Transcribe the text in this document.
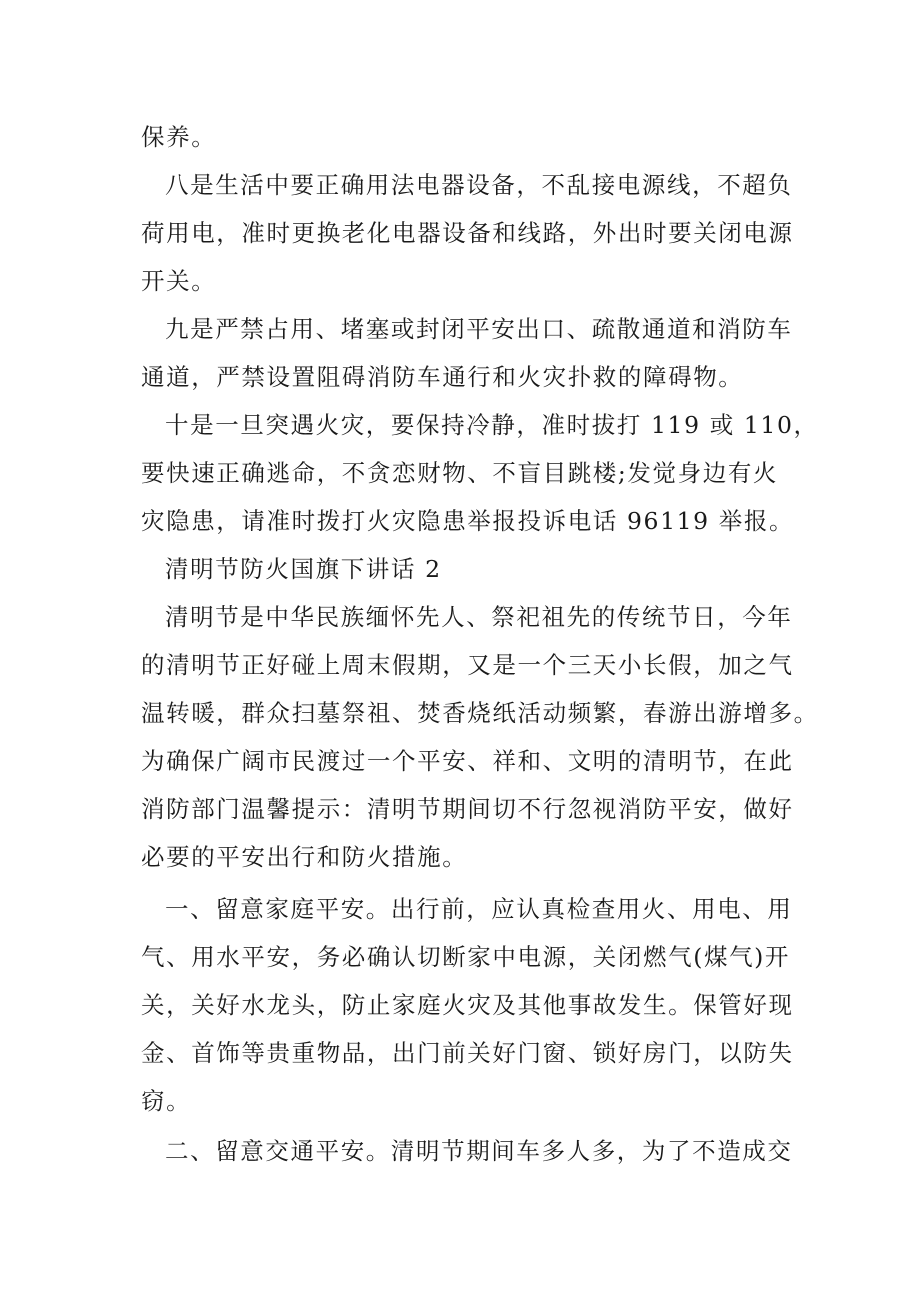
保养。
八是生活中要正确用法电器设备，不乱接电源线，不超负
荷用电，准时更换老化电器设备和线路，外出时要关闭电源
开关。
九是严禁占用、堵塞或封闭平安出口、疏散通道和消防车
通道，严禁设置阻碍消防车通行和火灾扑救的障碍物。
十是一旦突遇火灾，要保持冷静，准时拔打 119 或 110，
要快速正确逃命，不贪恋财物、不盲目跳楼;发觉身边有火
灾隐患，请准时拨打火灾隐患举报投诉电话 96119 举报。
清明节防火国旗下讲话 2
清明节是中华民族缅怀先人、祭祀祖先的传统节日，今年
的清明节正好碰上周末假期，又是一个三天小长假，加之气
温转暖，群众扫墓祭祖、焚香烧纸活动频繁，春游出游增多。
为确保广阔市民渡过一个平安、祥和、文明的清明节，在此
消防部门温馨提示：清明节期间切不行忽视消防平安，做好
必要的平安出行和防火措施。
一、留意家庭平安。出行前，应认真检查用火、用电、用
气、用水平安，务必确认切断家中电源，关闭燃气(煤气)开
关，关好水龙头，防止家庭火灾及其他事故发生。保管好现
金、首饰等贵重物品，出门前关好门窗、锁好房门，以防失
窃。
二、留意交通平安。清明节期间车多人多，为了不造成交
